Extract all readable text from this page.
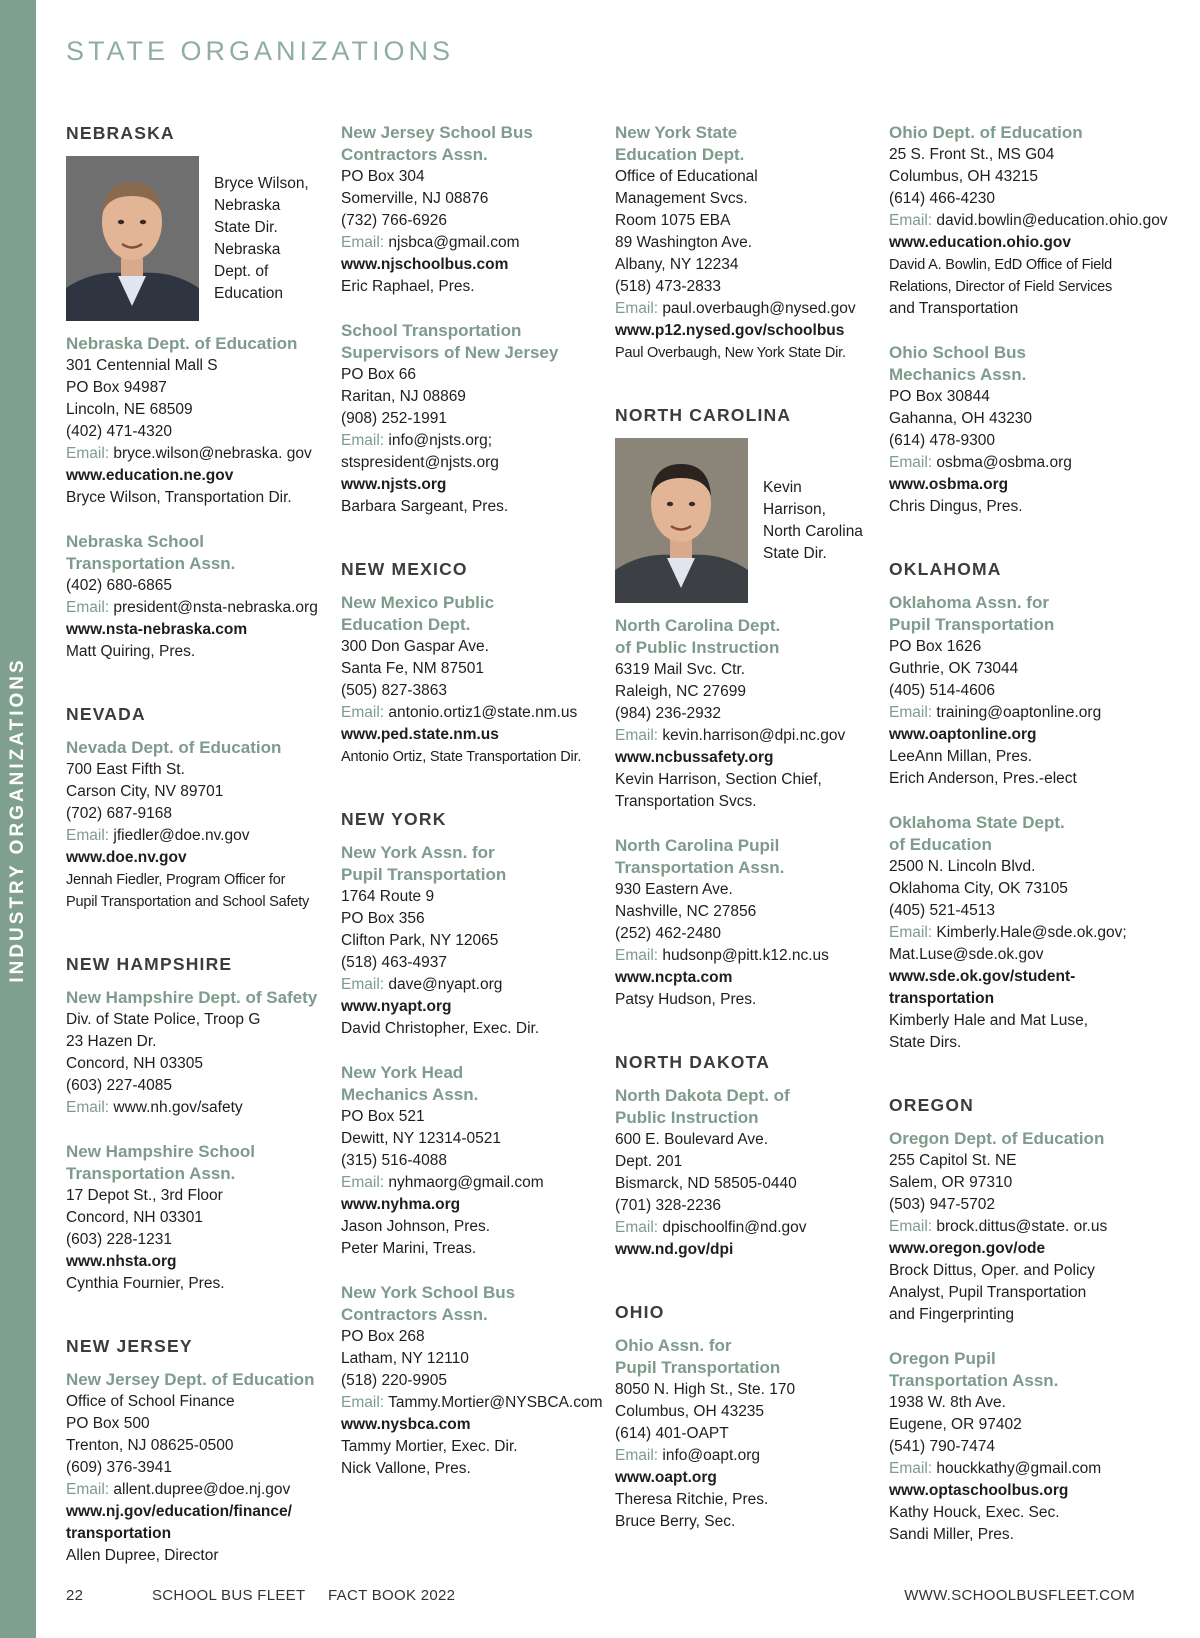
INDUSTRY ORGANIZATIONS
STATE ORGANIZATIONS
NEBRASKA
Bryce Wilson,
Nebraska
State Dir.
Nebraska
Dept. of
Education
Nebraska Dept. of Education
301 Centennial Mall S
PO Box 94987
Lincoln, NE 68509
(402) 471-4320
Email: bryce.wilson@nebraska. gov
www.education.ne.gov
Bryce Wilson, Transportation Dir.
Nebraska School
Transportation Assn.
(402) 680-6865
Email: president@nsta-nebraska.org
www.nsta-nebraska.com
Matt Quiring, Pres.
NEVADA
Nevada Dept. of Education
700 East Fifth St.
Carson City, NV 89701
(702) 687-9168
Email: jfiedler@doe.nv.gov
www.doe.nv.gov
Jennah Fiedler, Program Officer for
Pupil Transportation and School Safety
NEW HAMPSHIRE
New Hampshire Dept. of Safety
Div. of State Police, Troop G
23 Hazen Dr.
Concord, NH 03305
(603) 227-4085
Email: www.nh.gov/safety
New Hampshire School
Transportation Assn.
17 Depot St., 3rd Floor
Concord, NH 03301
(603) 228-1231
www.nhsta.org
Cynthia Fournier, Pres.
NEW JERSEY
New Jersey Dept. of Education
Office of School Finance
PO Box 500
Trenton, NJ 08625-0500
(609) 376-3941
Email: allent.dupree@doe.nj.gov
www.nj.gov/education/finance/
transportation
Allen Dupree, Director
New Jersey School Bus
Contractors Assn.
PO Box 304
Somerville, NJ 08876
(732) 766-6926
Email: njsbca@gmail.com
www.njschoolbus.com
Eric Raphael, Pres.
School Transportation
Supervisors of New Jersey
PO Box 66
Raritan, NJ 08869
(908) 252-1991
Email: info@njsts.org;
stspresident@njsts.org
www.njsts.org
Barbara Sargeant, Pres.
NEW MEXICO
New Mexico Public
Education Dept.
300 Don Gaspar Ave.
Santa Fe, NM 87501
(505) 827-3863
Email: antonio.ortiz1@state.nm.us
www.ped.state.nm.us
Antonio Ortiz, State Transportation Dir.
NEW YORK
New York Assn. for
Pupil Transportation
1764 Route 9
PO Box 356
Clifton Park, NY 12065
(518) 463-4937
Email: dave@nyapt.org
www.nyapt.org
David Christopher, Exec. Dir.
New York Head
Mechanics Assn.
PO Box 521
Dewitt, NY 12314-0521
(315) 516-4088
Email: nyhmaorg@gmail.com
www.nyhma.org
Jason Johnson, Pres.
Peter Marini, Treas.
New York School Bus
Contractors Assn.
PO Box 268
Latham, NY 12110
(518) 220-9905
Email: Tammy.Mortier@NYSBCA.com
www.nysbca.com
Tammy Mortier, Exec. Dir.
Nick Vallone, Pres.
New York State
Education Dept.
Office of Educational
Management Svcs.
Room 1075 EBA
89 Washington Ave.
Albany, NY 12234
(518) 473-2833
Email: paul.overbaugh@nysed.gov
www.p12.nysed.gov/schoolbus
Paul Overbaugh, New York State Dir.
NORTH CAROLINA
Kevin
Harrison,
North Carolina
State Dir.
North Carolina Dept.
of Public Instruction
6319 Mail Svc. Ctr.
Raleigh, NC 27699
(984) 236-2932
Email: kevin.harrison@dpi.nc.gov
www.ncbussafety.org
Kevin Harrison, Section Chief,
Transportation Svcs.
North Carolina Pupil
Transportation Assn.
930 Eastern Ave.
Nashville, NC 27856
(252) 462-2480
Email: hudsonp@pitt.k12.nc.us
www.ncpta.com
Patsy Hudson, Pres.
NORTH DAKOTA
North Dakota Dept. of
Public Instruction
600 E. Boulevard Ave.
Dept. 201
Bismarck, ND 58505-0440
(701) 328-2236
Email: dpischoolfin@nd.gov
www.nd.gov/dpi
OHIO
Ohio Assn. for
Pupil Transportation
8050 N. High St., Ste. 170
Columbus, OH 43235
(614) 401-OAPT
Email: info@oapt.org
www.oapt.org
Theresa Ritchie, Pres.
Bruce Berry, Sec.
Ohio Dept. of Education
25 S. Front St., MS G04
Columbus, OH 43215
(614) 466-4230
Email: david.bowlin@education.ohio.gov
www.education.ohio.gov
David A. Bowlin, EdD Office of Field
Relations, Director of Field Services
and Transportation
Ohio School Bus
Mechanics Assn.
PO Box 30844
Gahanna, OH 43230
(614) 478-9300
Email: osbma@osbma.org
www.osbma.org
Chris Dingus, Pres.
OKLAHOMA
Oklahoma Assn. for
Pupil Transportation
PO Box 1626
Guthrie, OK 73044
(405) 514-4606
Email: training@oaptonline.org
www.oaptonline.org
LeeAnn Millan, Pres.
Erich Anderson, Pres.-elect
Oklahoma State Dept.
of Education
2500 N. Lincoln Blvd.
Oklahoma City, OK 73105
(405) 521-4513
Email: Kimberly.Hale@sde.ok.gov;
Mat.Luse@sde.ok.gov
www.sde.ok.gov/student-
transportation
Kimberly Hale and Mat Luse,
State Dirs.
OREGON
Oregon Dept. of Education
255 Capitol St. NE
Salem, OR 97310
(503) 947-5702
Email: brock.dittus@state. or.us
www.oregon.gov/ode
Brock Dittus, Oper. and Policy
Analyst, Pupil Transportation
and Fingerprinting
Oregon Pupil
Transportation Assn.
1938 W. 8th Ave.
Eugene, OR 97402
(541) 790-7474
Email: houckkathy@gmail.com
www.optaschoolbus.org
Kathy Houck, Exec. Sec.
Sandi Miller, Pres.
22	SCHOOL BUS FLEET FACT BOOK 2022	WWW.SCHOOLBUSFLEET.COM
